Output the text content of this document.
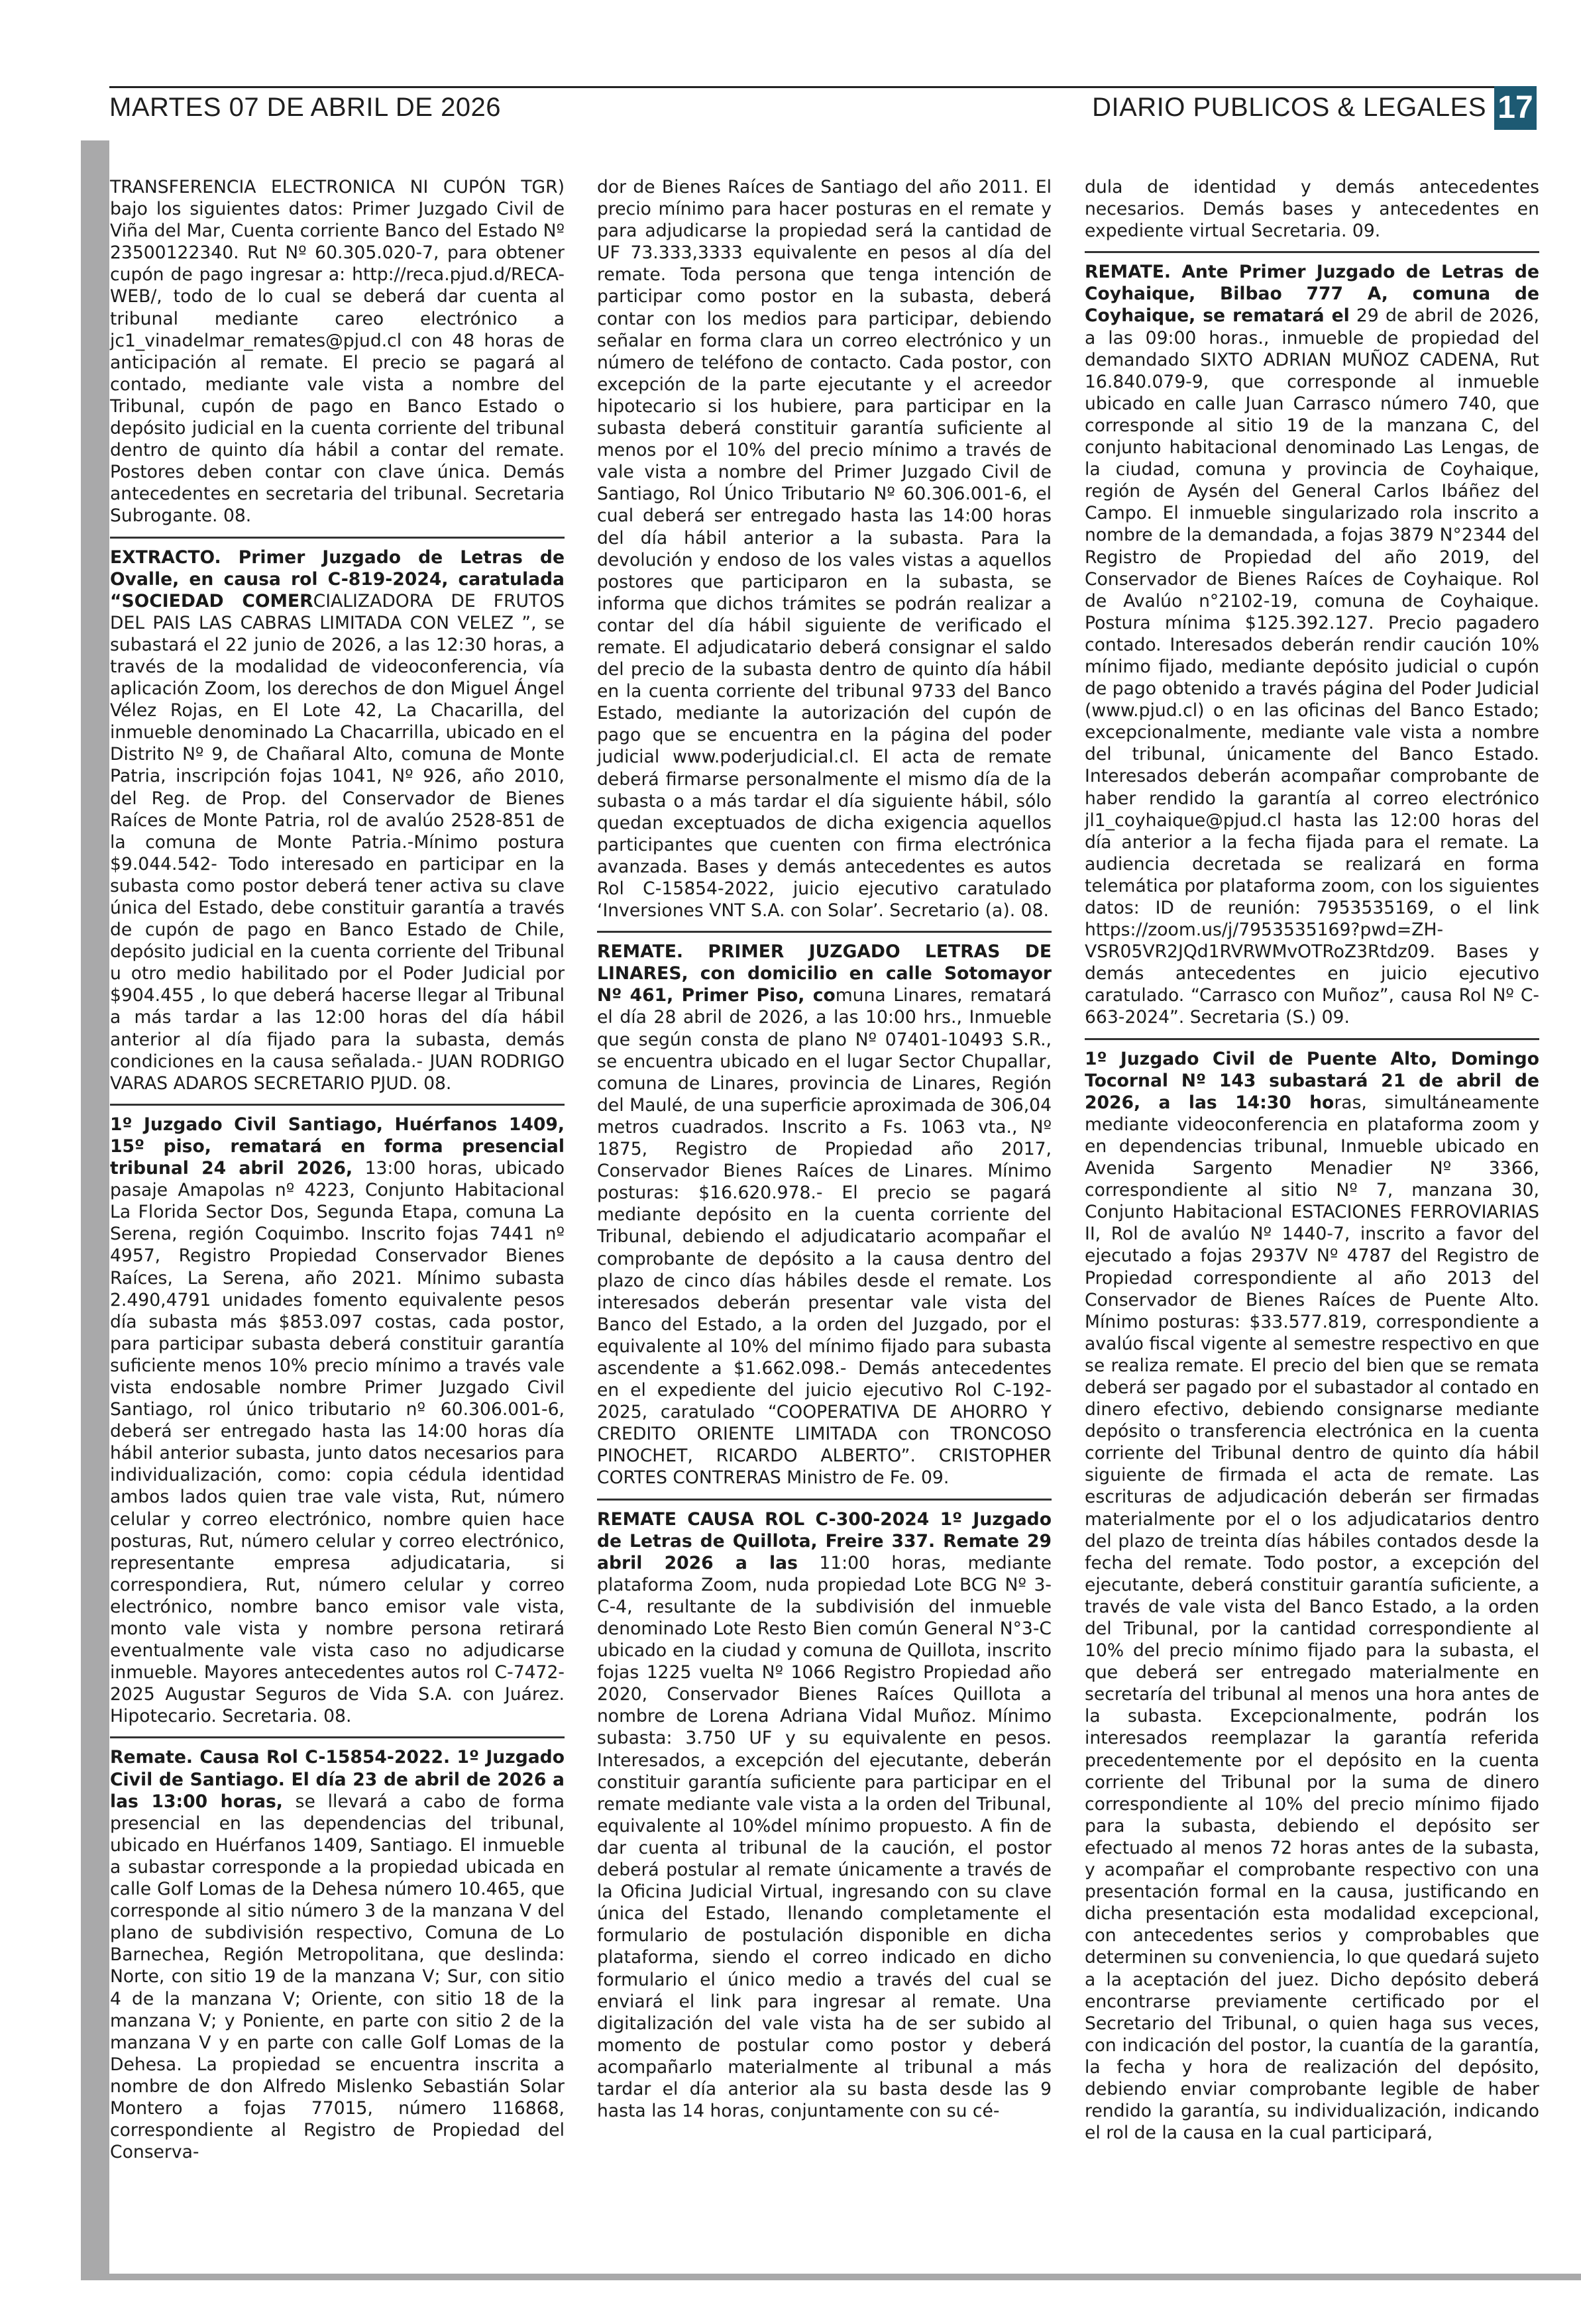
MARTES 07 DE ABRIL DE 2026	DIARIO PUBLICOS & LEGALES 17

TRANSFERENCIA ELECTRONICA NI CUPÓN TGR) bajo los siguientes datos: Primer Juzgado Civil de Viña del Mar, Cuenta corriente Banco del Estado Nº 23500122340. Rut Nº 60.305.020-7, para obtener cupón de pago ingresar a: http://reca.pjud.d/RECA-WEB/, todo de lo cual se deberá dar cuenta al tribunal mediante careo electrónico a jc1_vinadelmar_remates@pjud.cl con 48 horas de anticipación al remate. El precio se pagará al contado, mediante vale vista a nombre del Tribunal, cupón de pago en Banco Estado o depósito judicial en la cuenta corriente del tribunal dentro de quinto día hábil a contar del remate. Postores deben contar con clave única. Demás antecedentes en secretaria del tribunal. Secretaria Subrogante. 08.

EXTRACTO. Primer Juzgado de Letras de Ovalle, en causa rol C-819-2024, caratulada “SOCIEDAD COMERCIALIZADORA DE FRUTOS DEL PAIS LAS CABRAS LIMITADA CON VELEZ ”, se subastará el 22 junio de 2026, a las 12:30 horas, a través de la modalidad de videoconferencia, vía aplicación Zoom, los derechos de don Miguel Ángel Vélez Rojas, en El Lote 42, La Chacarilla, del inmueble denominado La Chacarrilla, ubicado en el Distrito Nº 9, de Chañaral Alto, comuna de Monte Patria, inscripción fojas 1041, Nº 926, año 2010, del Reg. de Prop. del Conservador de Bienes Raíces de Monte Patria, rol de avalúo 2528-851 de la comuna de Monte Patria.-Mínimo postura $9.044.542- Todo interesado en participar en la subasta como postor deberá tener activa su clave única del Estado, debe constituir garantía a través de cupón de pago en Banco Estado de Chile, depósito judicial en la cuenta corriente del Tribunal u otro medio habilitado por el Poder Judicial por $904.455 , lo que deberá hacerse llegar al Tribunal a más tardar a las 12:00 horas del día hábil anterior al día fijado para la subasta, demás condiciones en la causa señalada.- JUAN RODRIGO VARAS ADAROS SECRETARIO PJUD. 08.

1º Juzgado Civil Santiago, Huérfanos 1409, 15º piso, rematará en forma presencial tribunal 24 abril 2026, 13:00 horas, ubicado pasaje Amapolas nº 4223, Conjunto Habitacional La Florida Sector Dos, Segunda Etapa, comuna La Serena, región Coquimbo. Inscrito fojas 7441 nº 4957, Registro Propiedad Conservador Bienes Raíces, La Serena, año 2021. Mínimo subasta 2.490,4791 unidades fomento equivalente pesos día subasta más $853.097 costas, cada postor, para participar subasta deberá constituir garantía suficiente menos 10% precio mínimo a través vale vista endosable nombre Primer Juzgado Civil Santiago, rol único tributario nº 60.306.001-6, deberá ser entregado hasta las 14:00 horas día hábil anterior subasta, junto datos necesarios para individualización, como: copia cédula identidad ambos lados quien trae vale vista, Rut, número celular y correo electrónico, nombre quien hace posturas, Rut, número celular y correo electrónico, representante empresa adjudicataria, si correspondiera, Rut, número celular y correo electrónico, nombre banco emisor vale vista, monto vale vista y nombre persona retirará eventualmente vale vista caso no adjudicarse inmueble. Mayores antecedentes autos rol C-7472-2025 Augustar Seguros de Vida S.A. con Juárez. Hipotecario. Secretaria. 08.

Remate. Causa Rol C-15854-2022. 1º Juzgado Civil de Santiago. El día 23 de abril de 2026 a las 13:00 horas, se llevará a cabo de forma presencial en las dependencias del tribunal, ubicado en Huérfanos 1409, Santiago. El inmueble a subastar corresponde a la propiedad ubicada en calle Golf Lomas de la Dehesa número 10.465, que corresponde al sitio número 3 de la manzana V del plano de subdivisión respectivo, Comuna de Lo Barnechea, Región Metropolitana, que deslinda: Norte, con sitio 19 de la manzana V; Sur, con sitio 4 de la manzana V; Oriente, con sitio 18 de la manzana V; y Poniente, en parte con sitio 2 de la manzana V y en parte con calle Golf Lomas de la Dehesa. La propiedad se encuentra inscrita a nombre de don Alfredo Mislenko Sebastián Solar Montero a fojas 77015, número 116868, correspondiente al Registro de Propiedad del Conserva-

dor de Bienes Raíces de Santiago del año 2011. El precio mínimo para hacer posturas en el remate y para adjudicarse la propiedad será la cantidad de UF 73.333,3333 equivalente en pesos al día del remate. Toda persona que tenga intención de participar como postor en la subasta, deberá contar con los medios para participar, debiendo señalar en forma clara un correo electrónico y un número de teléfono de contacto. Cada postor, con excepción de la parte ejecutante y el acreedor hipotecario si los hubiere, para participar en la subasta deberá constituir garantía suficiente al menos por el 10% del precio mínimo a través de vale vista a nombre del Primer Juzgado Civil de Santiago, Rol Único Tributario Nº 60.306.001-6, el cual deberá ser entregado hasta las 14:00 horas del día hábil anterior a la subasta. Para la devolución y endoso de los vales vistas a aquellos postores que participaron en la subasta, se informa que dichos trámites se podrán realizar a contar del día hábil siguiente de verificado el remate. El adjudicatario deberá consignar el saldo del precio de la subasta dentro de quinto día hábil en la cuenta corriente del tribunal 9733 del Banco Estado, mediante la autorización del cupón de pago que se encuentra en la página del poder judicial www.poderjudicial.cl. El acta de remate deberá firmarse personalmente el mismo día de la subasta o a más tardar el día siguiente hábil, sólo quedan exceptuados de dicha exigencia aquellos participantes que cuenten con firma electrónica avanzada. Bases y demás antecedentes es autos Rol C-15854-2022, juicio ejecutivo caratulado ‘Inversiones VNT S.A. con Solar’. Secretario (a). 08.

REMATE. PRIMER JUZGADO LETRAS DE LINARES, con domicilio en calle Sotomayor Nº 461, Primer Piso, comuna Linares, rematará el día 28 abril de 2026, a las 10:00 hrs., Inmueble que según consta de plano Nº 07401-10493 S.R., se encuentra ubicado en el lugar Sector Chupallar, comuna de Linares, provincia de Linares, Región del Maulé, de una superficie aproximada de 306,04 metros cuadrados. Inscrito a Fs. 1063 vta., Nº 1875, Registro de Propiedad año 2017, Conservador Bienes Raíces de Linares. Mínimo posturas: $16.620.978.- El precio se pagará mediante depósito en la cuenta corriente del Tribunal, debiendo el adjudicatario acompañar el comprobante de depósito a la causa dentro del plazo de cinco días hábiles desde el remate. Los interesados deberán presentar vale vista del Banco del Estado, a la orden del Juzgado, por el equivalente al 10% del mínimo fijado para subasta ascendente a $1.662.098.- Demás antecedentes en el expediente del juicio ejecutivo Rol C-192-2025, caratulado “COOPERATIVA DE AHORRO Y CREDITO ORIENTE LIMITADA con TRONCOSO PINOCHET, RICARDO ALBERTO”. CRISTOPHER CORTES CONTRERAS Ministro de Fe. 09.

REMATE CAUSA ROL C-300-2024 1º Juzgado de Letras de Quillota, Freire 337. Remate 29 abril 2026 a las 11:00 horas, mediante plataforma Zoom, nuda propiedad Lote BCG Nº 3-C-4, resultante de la subdivisión del inmueble denominado Lote Resto Bien común General N°3-C ubicado en la ciudad y comuna de Quillota, inscrito fojas 1225 vuelta Nº 1066 Registro Propiedad año 2020, Conservador Bienes Raíces Quillota a nombre de Lorena Adriana Vidal Muñoz. Mínimo subasta: 3.750 UF y su equivalente en pesos. Interesados, a excepción del ejecutante, deberán constituir garantía suficiente para participar en el remate mediante vale vista a la orden del Tribunal, equivalente al 10%del mínimo propuesto. A fin de dar cuenta al tribunal de la caución, el postor deberá postular al remate únicamente a través de la Oficina Judicial Virtual, ingresando con su clave única del Estado, llenando completamente el formulario de postulación disponible en dicha plataforma, siendo el correo indicado en dicho formulario el único medio a través del cual se enviará el link para ingresar al remate. Una digitalización del vale vista ha de ser subido al momento de postular como postor y deberá acompañarlo materialmente al tribunal a más tardar el día anterior ala su basta desde las 9 hasta las 14 horas, conjuntamente con su cé-

dula de identidad y demás antecedentes necesarios. Demás bases y antecedentes en expediente virtual Secretaria. 09.

REMATE. Ante Primer Juzgado de Letras de Coyhaique, Bilbao 777 A, comuna de Coyhaique, se rematará el 29 de abril de 2026, a las 09:00 horas., inmueble de propiedad del demandado SIXTO ADRIAN MUÑOZ CADENA, Rut 16.840.079-9, que corresponde al inmueble ubicado en calle Juan Carrasco número 740, que corresponde al sitio 19 de la manzana C, del conjunto habitacional denominado Las Lengas, de la ciudad, comuna y provincia de Coyhaique, región de Aysén del General Carlos Ibáñez del Campo. El inmueble singularizado rola inscrito a nombre de la demandada, a fojas 3879 N°2344 del Registro de Propiedad del año 2019, del Conservador de Bienes Raíces de Coyhaique. Rol de Avalúo n°2102-19, comuna de Coyhaique. Postura mínima $125.392.127. Precio pagadero contado. Interesados deberán rendir caución 10% mínimo fijado, mediante depósito judicial o cupón de pago obtenido a través página del Poder Judicial (www.pjud.cl) o en las oficinas del Banco Estado; excepcionalmente, mediante vale vista a nombre del tribunal, únicamente del Banco Estado. Interesados deberán acompañar comprobante de haber rendido la garantía al correo electrónico jl1_coyhaique@pjud.cl hasta las 12:00 horas del día anterior a la fecha fijada para el remate. La audiencia decretada se realizará en forma telemática por plataforma zoom, con los siguientes datos: ID de reunión: 7953535169, o el link https://zoom.us/j/7953535169?pwd=ZH-VSR05VR2JQd1RVRWMvOTRoZ3Rtdz09. Bases y demás antecedentes en juicio ejecutivo caratulado. “Carrasco con Muñoz”, causa Rol Nº C-663-2024”. Secretaria (S.) 09.

1º Juzgado Civil de Puente Alto, Domingo Tocornal Nº 143 subastará 21 de abril de 2026, a las 14:30 horas, simultáneamente mediante videoconferencia en plataforma zoom y en dependencias tribunal, Inmueble ubicado en Avenida Sargento Menadier Nº 3366, correspondiente al sitio Nº 7, manzana 30, Conjunto Habitacional ESTACIONES FERROVIARIAS II, Rol de avalúo Nº 1440-7, inscrito a favor del ejecutado a fojas 2937V Nº 4787 del Registro de Propiedad correspondiente al año 2013 del Conservador de Bienes Raíces de Puente Alto. Mínimo posturas: $33.577.819, correspondiente a avalúo fiscal vigente al semestre respectivo en que se realiza remate. El precio del bien que se remata deberá ser pagado por el subastador al contado en dinero efectivo, debiendo consignarse mediante depósito o transferencia electrónica en la cuenta corriente del Tribunal dentro de quinto día hábil siguiente de firmada el acta de remate. Las escrituras de adjudicación deberán ser firmadas materialmente por el o los adjudicatarios dentro del plazo de treinta días hábiles contados desde la fecha del remate. Todo postor, a excepción del ejecutante, deberá constituir garantía suficiente, a través de vale vista del Banco Estado, a la orden del Tribunal, por la cantidad correspondiente al 10% del precio mínimo fijado para la subasta, el que deberá ser entregado materialmente en secretaría del tribunal al menos una hora antes de la subasta. Excepcionalmente, podrán los interesados reemplazar la garantía referida precedentemente por el depósito en la cuenta corriente del Tribunal por la suma de dinero correspondiente al 10% del precio mínimo fijado para la subasta, debiendo el depósito ser efectuado al menos 72 horas antes de la subasta, y acompañar el comprobante respectivo con una presentación formal en la causa, justificando en dicha presentación esta modalidad excepcional, con antecedentes serios y comprobables que determinen su conveniencia, lo que quedará sujeto a la aceptación del juez. Dicho depósito deberá encontrarse previamente certificado por el Secretario del Tribunal, o quien haga sus veces, con indicación del postor, la cuantía de la garantía, la fecha y hora de realización del depósito, debiendo enviar comprobante legible de haber rendido la garantía, su individualización, indicando el rol de la causa en la cual participará,
